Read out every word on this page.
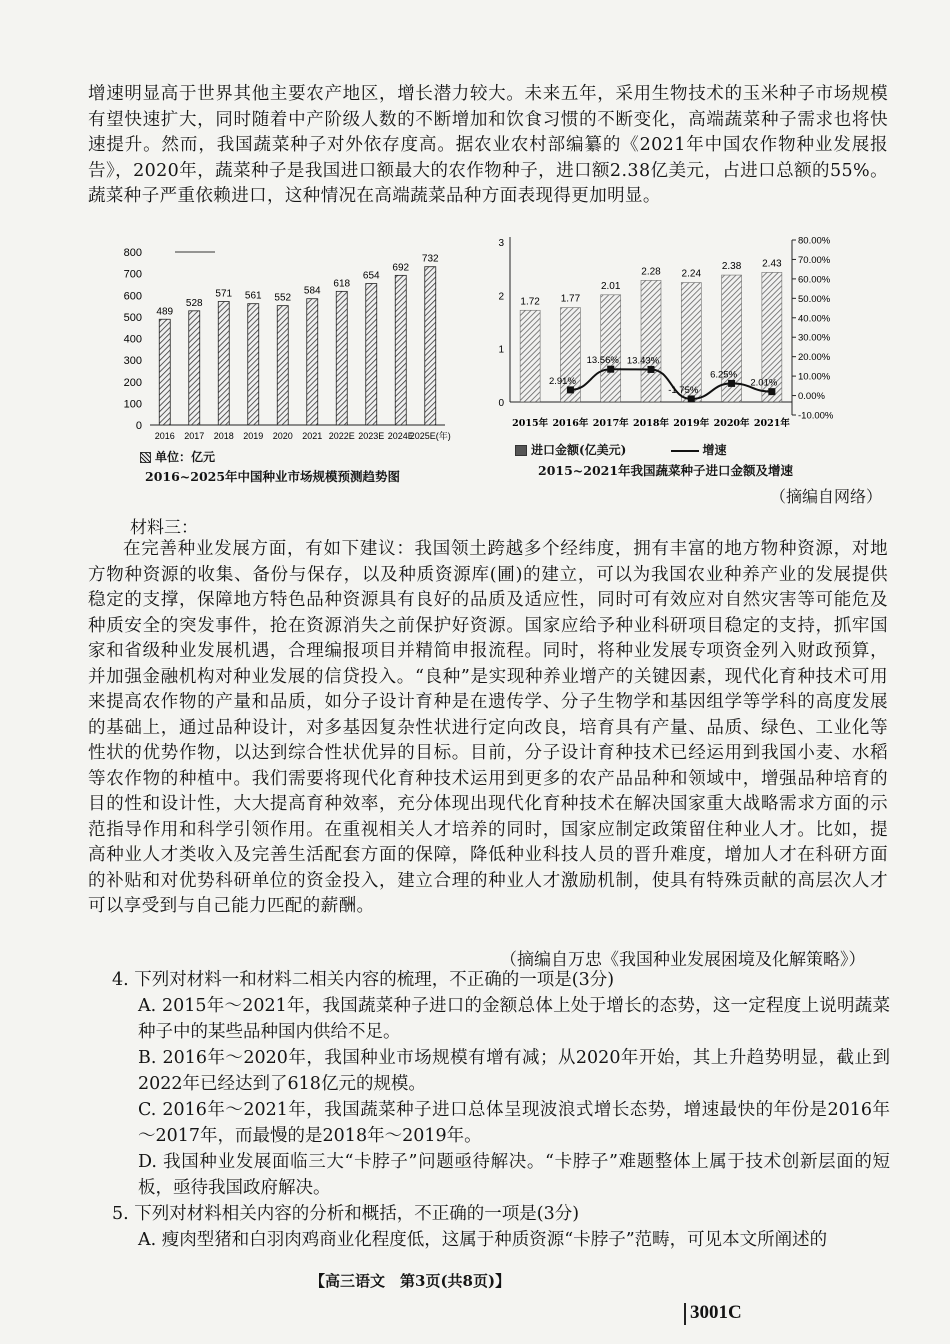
增速明显高于世界其他主要农产地区，增长潜力较大。未来五年，采用生物技术的玉米种子市场规模有望快速扩大，同时随着中产阶级人数的不断增加和饮食习惯的不断变化，高端蔬菜种子需求也将快速提升。然而，我国蔬菜种子对外依存度高。据农业农村部编纂的《2021年中国农作物种业发展报告》，2020年，蔬菜种子是我国进口额最大的农作物种子，进口额2.38亿美元，占进口总额的55%。蔬菜种子严重依赖进口，这种情况在高端蔬菜品种方面表现得更加明显。

800
700
600
500
400
300
200
100
0
489
2016
528
2017
571
2018
561
2019
552
2020
584
2021
618
2022E
654
2023E
692
2024E
732
2025E(年)
单位：亿元
2016~2025年中国种业市场规模预测趋势图
3
2
1
0
80.00%
70.00%
60.00%
50.00%
40.00%
30.00%
20.00%
10.00%
0.00%
-10.00%
1.72
2015年
1.77
2016年
2.01
2017年
2.28
2018年
2.24
2019年
2.38
2020年
2.43
2021年
2.91%
13.56% 13.43%
-1.75%
6.25%
2.01%
进口金额(亿美元)	增速
2015~2021年我国蔬菜种子进口金额及增速
（摘编自网络）
材料三：

在完善种业发展方面，有如下建议：我国领土跨越多个经纬度，拥有丰富的地方物种资源，对地方物种资源的收集、备份与保存，以及种质资源库(圃)的建立，可以为我国农业种养产业的发展提供稳定的支撑，保障地方特色品种资源具有良好的品质及适应性，同时可有效应对自然灾害等可能危及种质安全的突发事件，抢在资源消失之前保护好资源。国家应给予种业科研项目稳定的支持，抓牢国家和省级种业发展机遇，合理编报项目并精简申报流程。同时，将种业发展专项资金列入财政预算，并加强金融机构对种业发展的信贷投入。“良种”是实现种养业增产的关键因素，现代化育种技术可用来提高农作物的产量和品质，如分子设计育种是在遗传学、分子生物学和基因组学等学科的高度发展的基础上，通过品种设计，对多基因复杂性状进行定向改良，培育具有产量、品质、绿色、工业化等性状的优势作物，以达到综合性状优异的目标。目前，分子设计育种技术已经运用到我国小麦、水稻等农作物的种植中。我们需要将现代化育种技术运用到更多的农产品品种和领域中，增强品种培育的目的性和设计性，大大提高育种效率，充分体现出现代化育种技术在解决国家重大战略需求方面的示范指导作用和科学引领作用。在重视相关人才培养的同时，国家应制定政策留住种业人才。比如，提高种业人才类收入及完善生活配套方面的保障，降低种业科技人员的晋升难度，增加人才在科研方面的补贴和对优势科研单位的资金投入，建立合理的种业人才激励机制，使具有特殊贡献的高层次人才可以享受到与自己能力匹配的薪酬。

（摘编自万忠《我国种业发展困境及化解策略》）
4. 下列对材料一和材料二相关内容的梳理，不正确的一项是(3分)
A. 2015年～2021年，我国蔬菜种子进口的金额总体上处于增长的态势，这一定程度上说明蔬菜种子中的某些品种国内供给不足。
B. 2016年～2020年，我国种业市场规模有增有减；从2020年开始，其上升趋势明显，截止到2022年已经达到了618亿元的规模。
C. 2016年～2021年，我国蔬菜种子进口总体呈现波浪式增长态势，增速最快的年份是2016年～2017年，而最慢的是2018年～2019年。
D. 我国种业发展面临三大“卡脖子”问题亟待解决。“卡脖子”难题整体上属于技术创新层面的短板，亟待我国政府解决。
5. 下列对材料相关内容的分析和概括，不正确的一项是(3分)
A. 瘦肉型猪和白羽肉鸡商业化程度低，这属于种质资源“卡脖子”范畴，可见本文所阐述的
【高三语文　第3页(共8页)】
3001C
